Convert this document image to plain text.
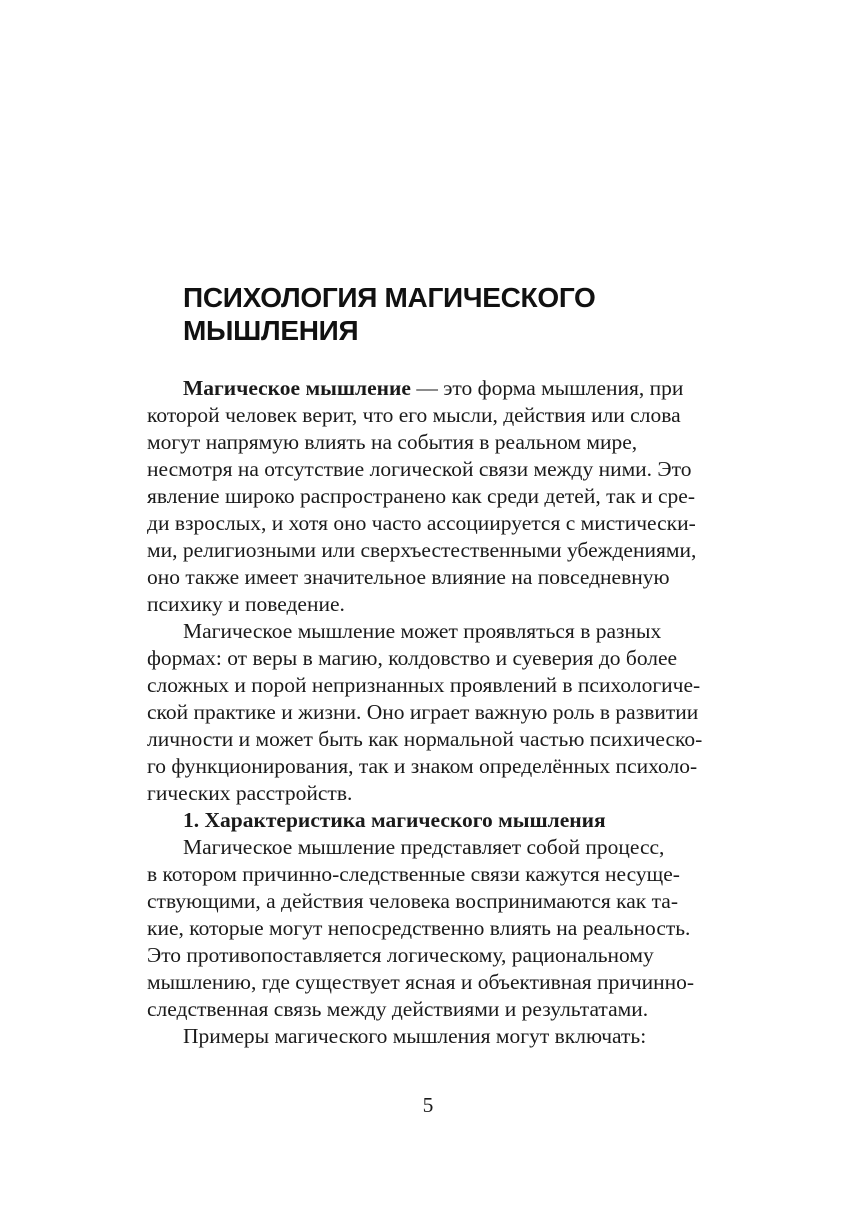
ПСИХОЛОГИЯ МАГИЧЕСКОГО
МЫШЛЕНИЯ
Магическое мышление — это форма мышления, при
которой человек верит, что его мысли, действия или слова
могут напрямую влиять на события в реальном мире,
несмотря на отсутствие логической связи между ними. Это
явление широко распространено как среди детей, так и сре-
ди взрослых, и хотя оно часто ассоциируется с мистически-
ми, религиозными или сверхъестественными убеждениями,
оно также имеет значительное влияние на повседневную
психику и поведение.
Магическое мышление может проявляться в разных
формах: от веры в магию, колдовство и суеверия до более
сложных и порой непризнанных проявлений в психологиче-
ской практике и жизни. Оно играет важную роль в развитии
личности и может быть как нормальной частью психическо-
го функционирования, так и знаком определённых психоло-
гических расстройств.
1. Характеристика магического мышления
Магическое мышление представляет собой процесс,
в котором причинно-следственные связи кажутся несуще-
ствующими, а действия человека воспринимаются как та-
кие, которые могут непосредственно влиять на реальность.
Это противопоставляется логическому, рациональному
мышлению, где существует ясная и объективная причинно-
следственная связь между действиями и результатами.
Примеры магического мышления могут включать:
5
